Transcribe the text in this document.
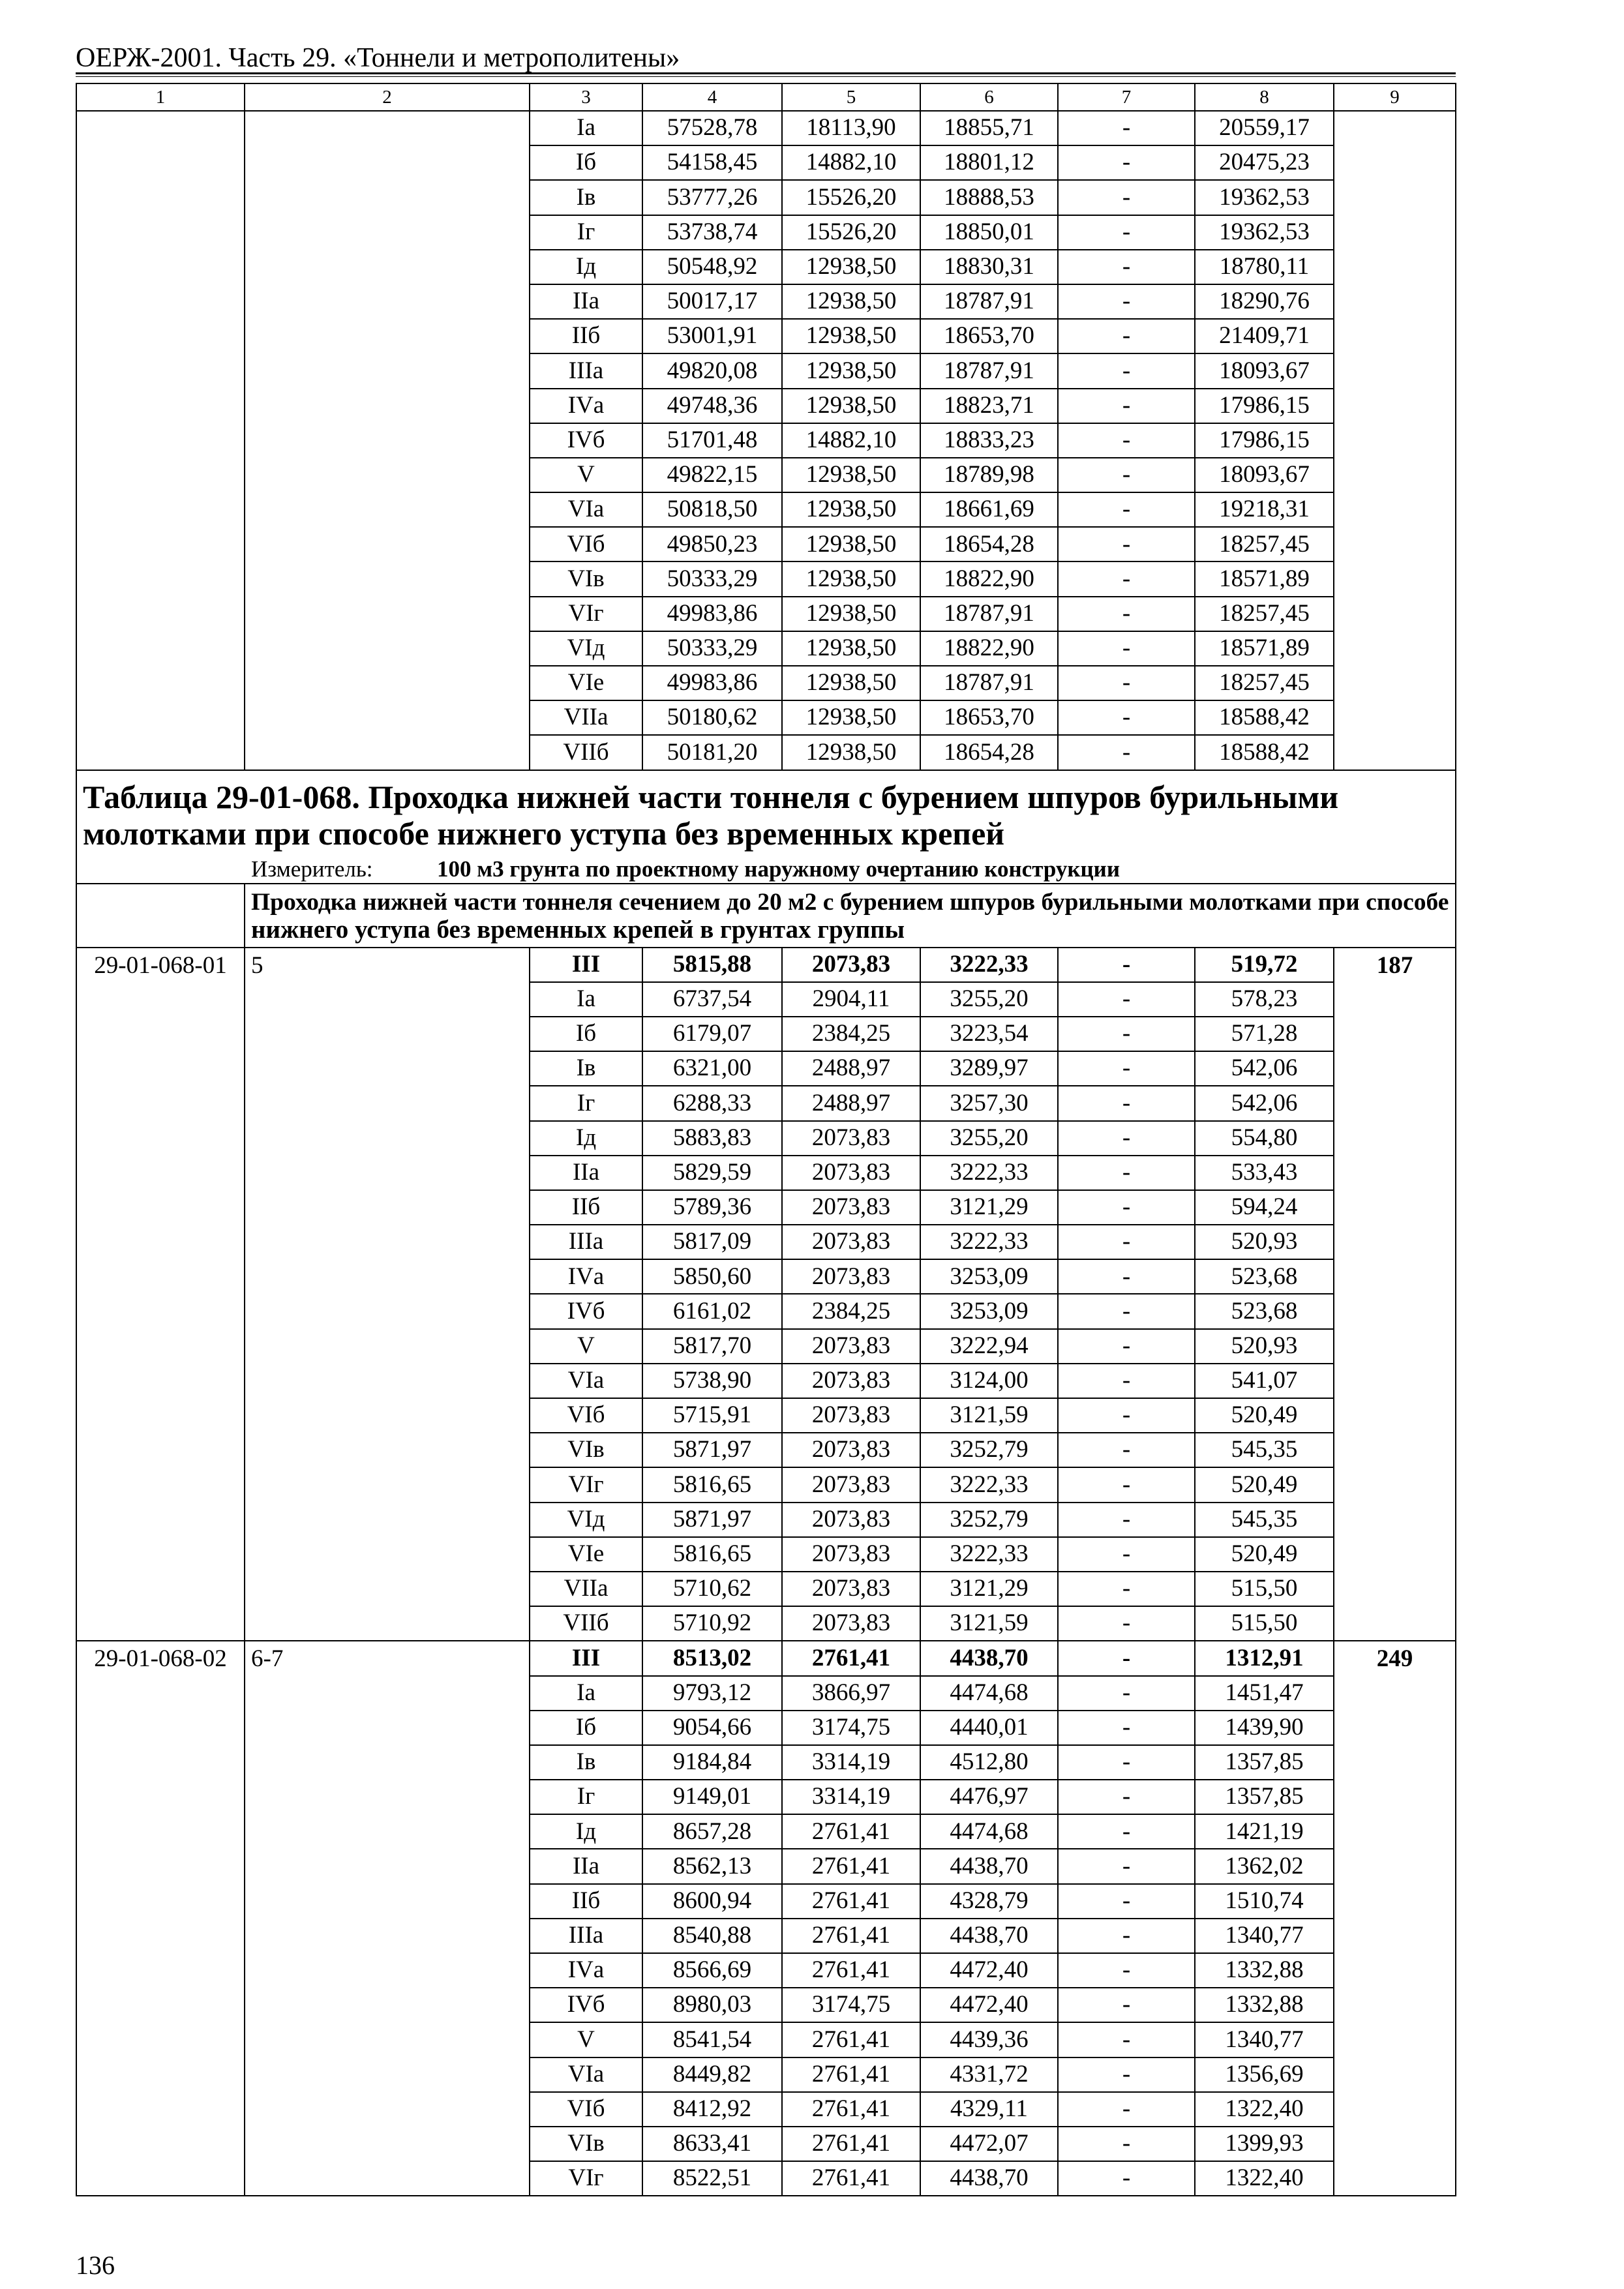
ОЕРЖ-2001. Часть 29. «Тоннели и метрополитены»
1	2	3	4	5	6	7	8	9
		Iа	57528,78	18113,90	18855,71	-	20559,17	
		Iб	54158,45	14882,10	18801,12	-	20475,23	
		Iв	53777,26	15526,20	18888,53	-	19362,53	
		Iг	53738,74	15526,20	18850,01	-	19362,53	
		Iд	50548,92	12938,50	18830,31	-	18780,11	
		IIа	50017,17	12938,50	18787,91	-	18290,76	
		IIб	53001,91	12938,50	18653,70	-	21409,71	
		IIIа	49820,08	12938,50	18787,91	-	18093,67	
		IVа	49748,36	12938,50	18823,71	-	17986,15	
		IVб	51701,48	14882,10	18833,23	-	17986,15	
		V	49822,15	12938,50	18789,98	-	18093,67	
		VIа	50818,50	12938,50	18661,69	-	19218,31	
		VIб	49850,23	12938,50	18654,28	-	18257,45	
		VIв	50333,29	12938,50	18822,90	-	18571,89	
		VIг	49983,86	12938,50	18787,91	-	18257,45	
		VIд	50333,29	12938,50	18822,90	-	18571,89	
		VIе	49983,86	12938,50	18787,91	-	18257,45	
		VIIа	50180,62	12938,50	18653,70	-	18588,42	
		VIIб	50181,20	12938,50	18654,28	-	18588,42	

Таблица 29-01-068. Проходка нижней части тоннеля с бурением шпуров бурильными
молотками при способе нижнего уступа без временных крепей
Измеритель: 100 м3 грунта по проектному наружному очертанию конструкции								

	Проходка нижней части тоннеля сечением до 20 м2 с бурением шпуров бурильными молотками при способе
нижнего уступа без временных крепей в грунтах группы							

29-01-068-01	5	III	5815,88	2073,83	3222,33	-	519,72	187
		Iа	6737,54	2904,11	3255,20	-	578,23	
		Iб	6179,07	2384,25	3223,54	-	571,28	
		Iв	6321,00	2488,97	3289,97	-	542,06	
		Iг	6288,33	2488,97	3257,30	-	542,06	
		Iд	5883,83	2073,83	3255,20	-	554,80	
		IIа	5829,59	2073,83	3222,33	-	533,43	
		IIб	5789,36	2073,83	3121,29	-	594,24	
		IIIа	5817,09	2073,83	3222,33	-	520,93	
		IVа	5850,60	2073,83	3253,09	-	523,68	
		IVб	6161,02	2384,25	3253,09	-	523,68	
		V	5817,70	2073,83	3222,94	-	520,93	
		VIа	5738,90	2073,83	3124,00	-	541,07	
		VIб	5715,91	2073,83	3121,59	-	520,49	
		VIв	5871,97	2073,83	3252,79	-	545,35	
		VIг	5816,65	2073,83	3222,33	-	520,49	
		VIд	5871,97	2073,83	3252,79	-	545,35	
		VIе	5816,65	2073,83	3222,33	-	520,49	
		VIIа	5710,62	2073,83	3121,29	-	515,50	
		VIIб	5710,92	2073,83	3121,59	-	515,50	
29-01-068-02	6-7	III	8513,02	2761,41	4438,70	-	1312,91	249
		Iа	9793,12	3866,97	4474,68	-	1451,47	
		Iб	9054,66	3174,75	4440,01	-	1439,90	
		Iв	9184,84	3314,19	4512,80	-	1357,85	
		Iг	9149,01	3314,19	4476,97	-	1357,85	
		Iд	8657,28	2761,41	4474,68	-	1421,19	
		IIа	8562,13	2761,41	4438,70	-	1362,02	
		IIб	8600,94	2761,41	4328,79	-	1510,74	
		IIIа	8540,88	2761,41	4438,70	-	1340,77	
		IVа	8566,69	2761,41	4472,40	-	1332,88	
		IVб	8980,03	3174,75	4472,40	-	1332,88	
		V	8541,54	2761,41	4439,36	-	1340,77	
		VIа	8449,82	2761,41	4331,72	-	1356,69	
		VIб	8412,92	2761,41	4329,11	-	1322,40	
		VIв	8633,41	2761,41	4472,07	-	1399,93	
		VIг	8522,51	2761,41	4438,70	-	1322,40	
136
